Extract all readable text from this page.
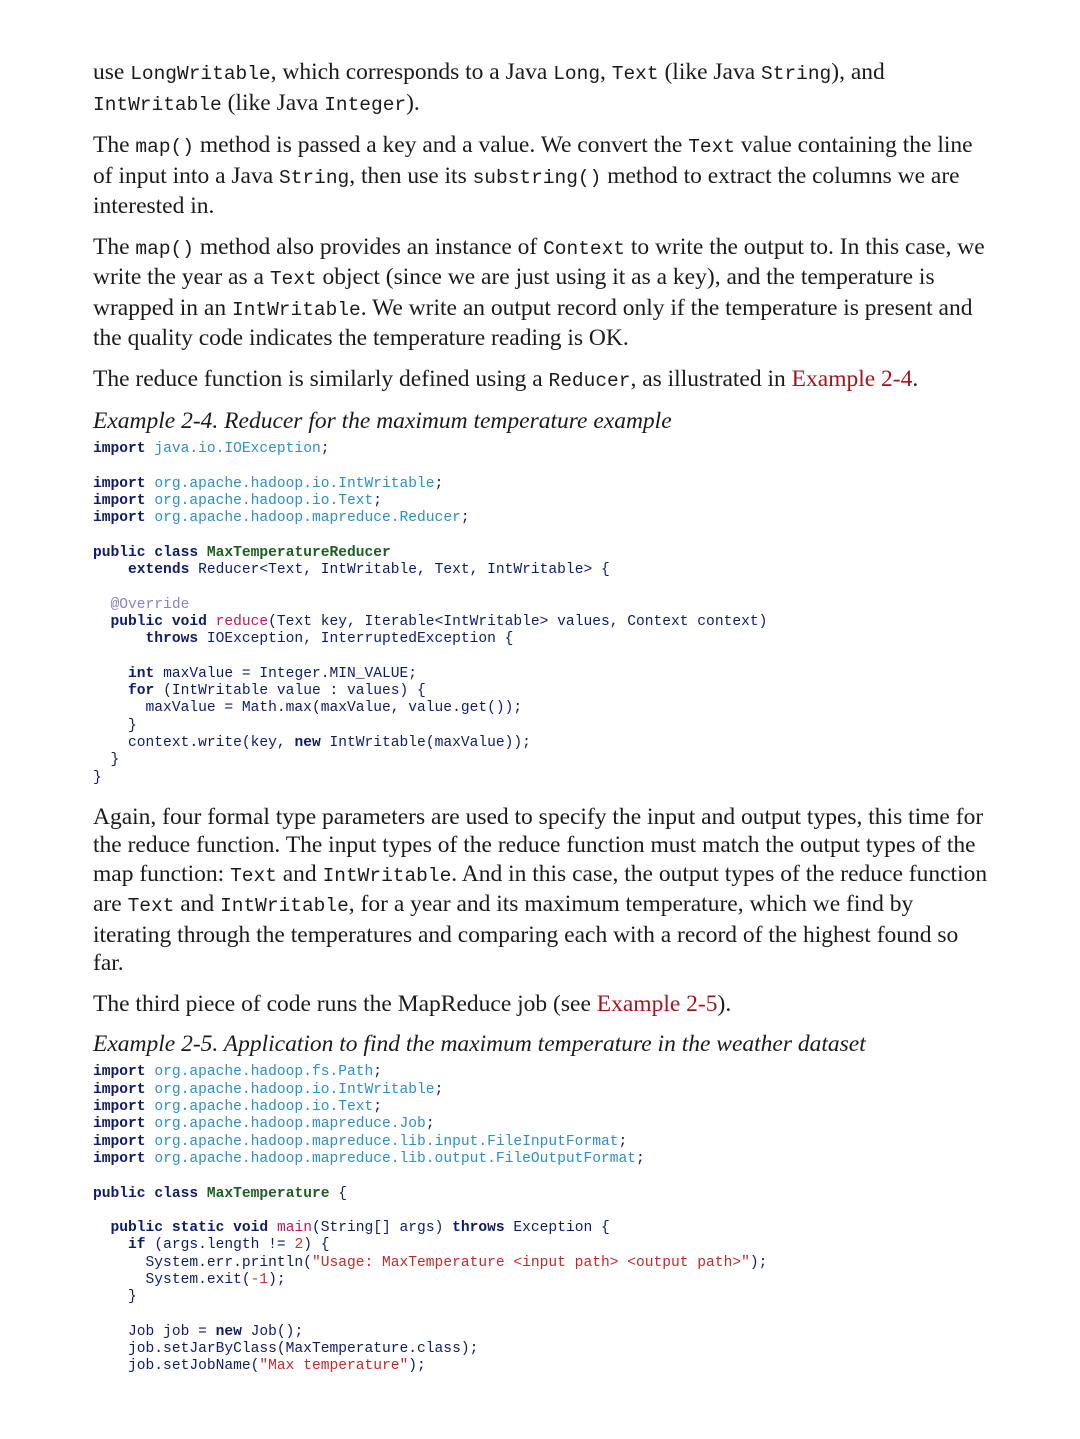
use LongWritable, which corresponds to a Java Long, Text (like Java String), and
IntWritable (like Java Integer).

The map() method is passed a key and a value. We convert the Text value containing the line of input into a Java String, then use its substring() method to extract the columns we are interested in.

The map() method also provides an instance of Context to write the output to. In this case, we write the year as a Text object (since we are just using it as a key), and the temperature is wrapped in an IntWritable. We write an output record only if the temperature is present and the quality code indicates the temperature reading is OK.

The reduce function is similarly defined using a Reducer, as illustrated in Example 2-4.

Example 2-4. Reducer for the maximum temperature example

import java.io.IOException;

import org.apache.hadoop.io.IntWritable;
import org.apache.hadoop.io.Text;
import org.apache.hadoop.mapreduce.Reducer;

public class MaxTemperatureReducer
extends Reducer<Text, IntWritable, Text, IntWritable> {

@Override
public void reduce(Text key, Iterable<IntWritable> values, Context context)
throws IOException, InterruptedException {

int maxValue = Integer.MIN_VALUE;
for (IntWritable value : values) {
maxValue = Math.max(maxValue, value.get());
}
context.write(key, new IntWritable(maxValue));
}
}

Again, four formal type parameters are used to specify the input and output types, this time for the reduce function. The input types of the reduce function must match the output types of the map function: Text and IntWritable. And in this case, the output types of the reduce function are Text and IntWritable, for a year and its maximum temperature, which we find by iterating through the temperatures and comparing each with a record of the highest found so far.

The third piece of code runs the MapReduce job (see Example 2-5).

Example 2-5. Application to find the maximum temperature in the weather dataset

import org.apache.hadoop.fs.Path;
import org.apache.hadoop.io.IntWritable;
import org.apache.hadoop.io.Text;
import org.apache.hadoop.mapreduce.Job;
import org.apache.hadoop.mapreduce.lib.input.FileInputFormat;
import org.apache.hadoop.mapreduce.lib.output.FileOutputFormat;

public class MaxTemperature {

public static void main(String[] args) throws Exception {
if (args.length != 2) {
System.err.println("Usage: MaxTemperature <input path> <output path>");
System.exit(-1);
}

Job job = new Job();
job.setJarByClass(MaxTemperature.class);
job.setJobName("Max temperature");
